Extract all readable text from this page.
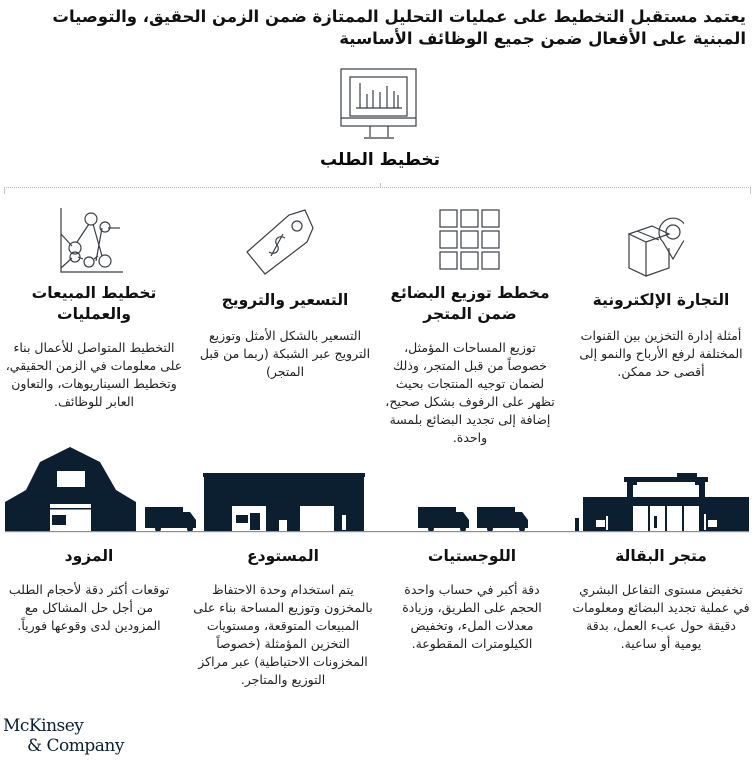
يعتمد مستقبل التخطيط على عمليات التحليل الممتازة ضمن الزمن الحقيق، والتوصيات المبنية على الأفعال ضمن جميع الوظائف الأساسية
تخطيط الطلب
التجارة الإلكترونية
أمثلة إدارة التخزين بين القنوات المختلفة لرفع الأرباح والنمو إلى أقصى حد ممكن.
مخطط توزيع البضائع ضمن المتجر
توزيع المساحات المؤمثل، خصوصاً من قبل المتجر، وذلك لضمان توجيه المنتجات بحيث تظهر على الرفوف بشكل صحيح، إضافة إلى تجديد البضائع بلمسة واحدة.
التسعير والترويج
التسعير بالشكل الأمثل وتوزيع الترويج عبر الشبكة (ربما من قبل المتجر)
تخطيط المبيعات والعمليات
التخطيط المتواصل للأعمال بناء على معلومات في الزمن الحقيقي، وتخطيط السيناريوهات، والتعاون العابر للوظائف.
متجر البقالة
تخفيض مستوى التفاعل البشري في عملية تجديد البضائع ومعلومات دقيقة حول عبء العمل، بدقة يومية أو ساعية.
اللوجستيات
دقة أكبر في حساب واحدة الحجم على الطريق، وزيادة معدلات الملء، وتخفيض الكيلومترات المقطوعة.
المستودع
يتم استخدام وحدة الاحتفاظ بالمخزون وتوزيع المساحة بناء على المبيعات المتوقعة، ومستويات التخزين المؤمثلة (خصوصاً المخزونات الاحتياطية) عبر مراكز التوزيع والمتاجر.
المزود
توقعات أكثر دقة لأحجام الطلب من أجل حل المشاكل مع المزودين لدى وقوعها فورياً.
McKinsey
& Company
